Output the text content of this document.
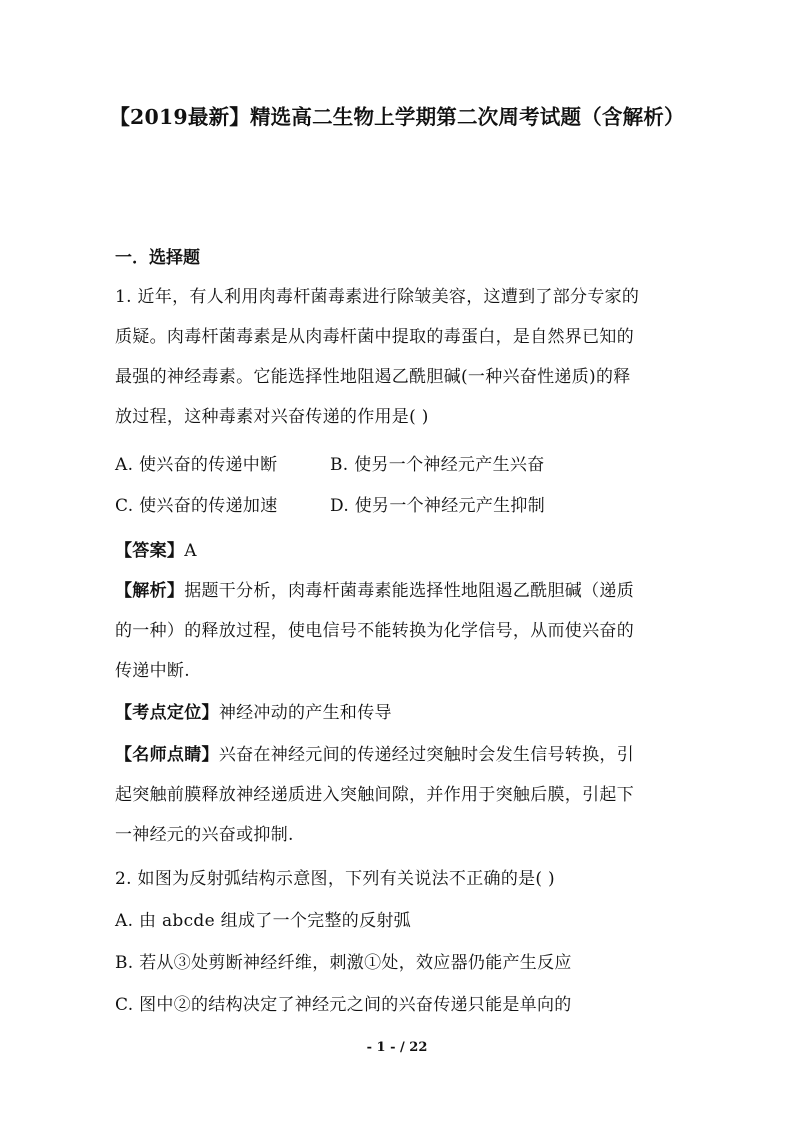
【2019最新】精选高二生物上学期第二次周考试题（含解析）
一．选择题
1. 近年，有人利用肉毒杆菌毒素进行除皱美容，这遭到了部分专家的
质疑。肉毒杆菌毒素是从肉毒杆菌中提取的毒蛋白，是自然界已知的
最强的神经毒素。它能选择性地阻遏乙酰胆碱(一种兴奋性递质)的释
放过程，这种毒素对兴奋传递的作用是( )
A. 使兴奋的传递中断	B. 使另一个神经元产生兴奋
C. 使兴奋的传递加速	D. 使另一个神经元产生抑制
【答案】A
【解析】据题干分析，肉毒杆菌毒素能选择性地阻遏乙酰胆碱（递质
的一种）的释放过程，使电信号不能转换为化学信号，从而使兴奋的
传递中断.
【考点定位】神经冲动的产生和传导
【名师点睛】兴奋在神经元间的传递经过突触时会发生信号转换，引
起突触前膜释放神经递质进入突触间隙，并作用于突触后膜，引起下
一神经元的兴奋或抑制.
2. 如图为反射弧结构示意图，下列有关说法不正确的是( )
A. 由 abcde 组成了一个完整的反射弧
B. 若从③处剪断神经纤维，刺激①处，效应器仍能产生反应
C. 图中②的结构决定了神经元之间的兴奋传递只能是单向的
- 1 - / 22
